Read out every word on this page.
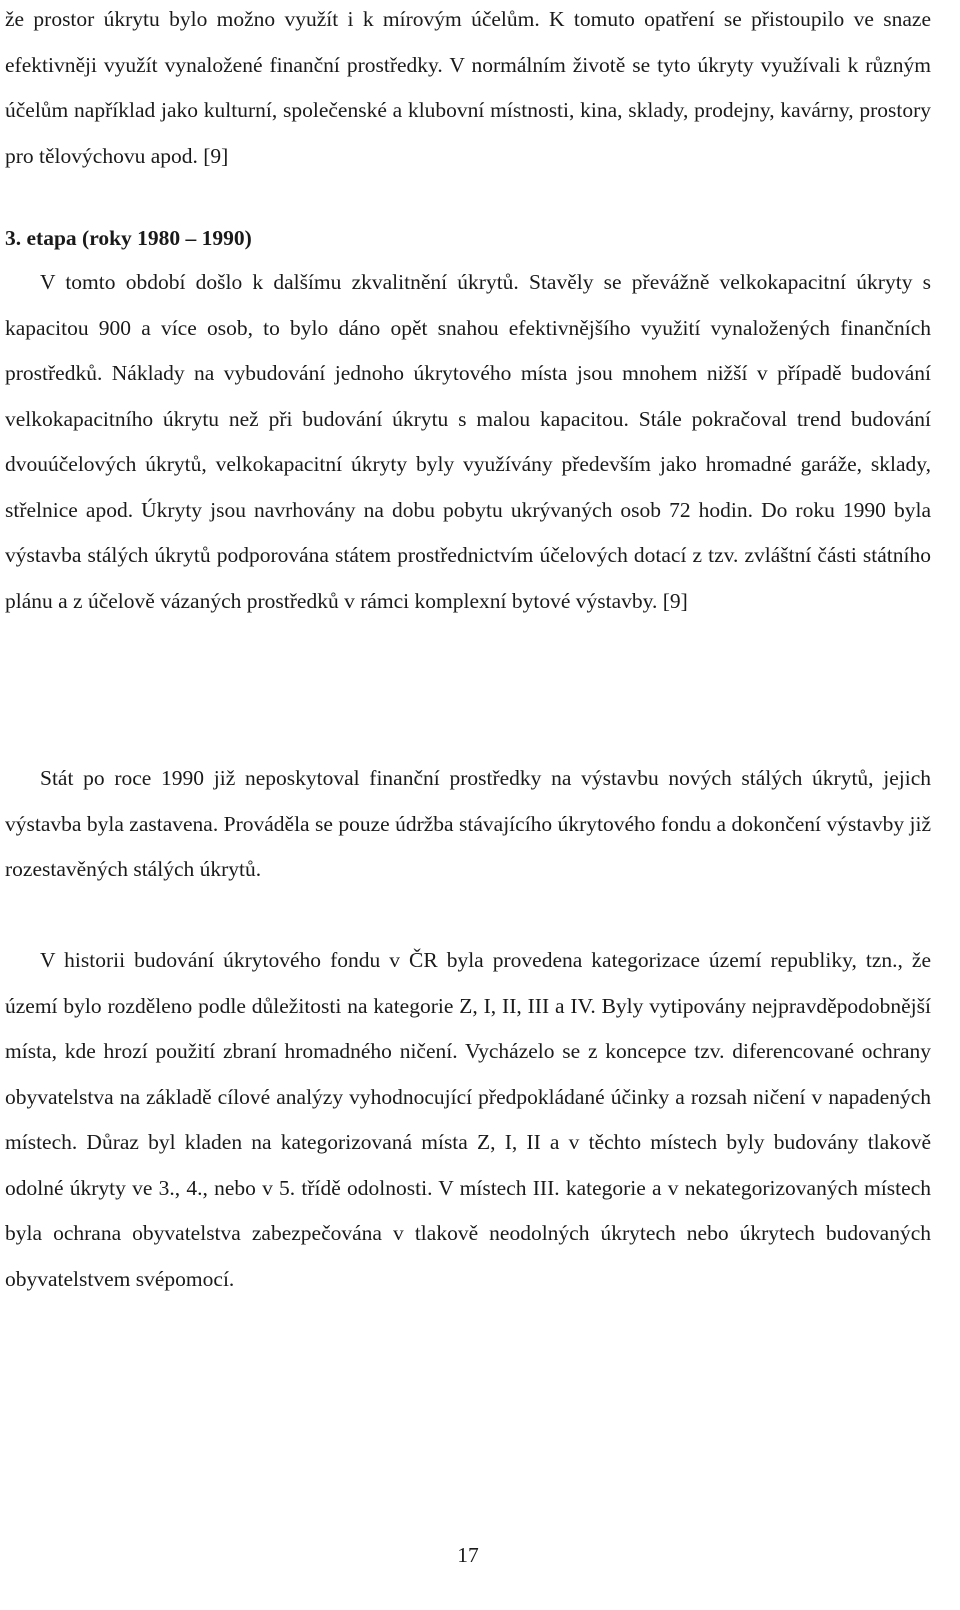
že prostor úkrytu bylo možno využít i k mírovým účelům. K tomuto opatření se přistoupilo ve snaze efektivněji využít vynaložené finanční prostředky. V normálním životě se tyto úkryty využívali k různým účelům například jako kulturní, společenské a klubovní místnosti, kina, sklady, prodejny, kavárny, prostory pro tělovýchovu apod. [9]

3. etapa (roky 1980 – 1990)

V tomto období došlo k dalšímu zkvalitnění úkrytů. Stavěly se převážně velkokapacitní úkryty s kapacitou 900 a více osob, to bylo dáno opět snahou efektivnějšího využití vynaložených finančních prostředků. Náklady na vybudování jednoho úkrytového místa jsou mnohem nižší v případě budování velkokapacitního úkrytu než při budování úkrytu s malou kapacitou. Stále pokračoval trend budování dvouúčelových úkrytů, velkokapacitní úkryty byly využívány především jako hromadné garáže, sklady, střelnice apod. Úkryty jsou navrhovány na dobu pobytu ukrývaných osob 72 hodin. Do roku 1990 byla výstavba stálých úkrytů podporována státem prostřednictvím účelových dotací z tzv. zvláštní části státního plánu a z účelově vázaných prostředků v rámci komplexní bytové výstavby. [9]

Stát po roce 1990 již neposkytoval finanční prostředky na výstavbu nových stálých úkrytů, jejich výstavba byla zastavena. Prováděla se pouze údržba stávajícího úkrytového fondu a dokončení výstavby již rozestavěných stálých úkrytů.

V historii budování úkrytového fondu v ČR byla provedena kategorizace území republiky, tzn., že území bylo rozděleno podle důležitosti na kategorie Z, I, II, III a IV. Byly vytipovány nejpravděpodobnější místa, kde hrozí použití zbraní hromadného ničení. Vycházelo se z koncepce tzv. diferencované ochrany obyvatelstva na základě cílové analýzy vyhodnocující předpokládané účinky a rozsah ničení v napadených místech. Důraz byl kladen na kategorizovaná místa Z, I, II a v těchto místech byly budovány tlakově odolné úkryty ve 3., 4., nebo v 5. třídě odolnosti. V místech III. kategorie a v nekategorizovaných místech byla ochrana obyvatelstva zabezpečována v tlakově neodolných úkrytech nebo úkrytech budovaných obyvatelstvem svépomocí.

17
